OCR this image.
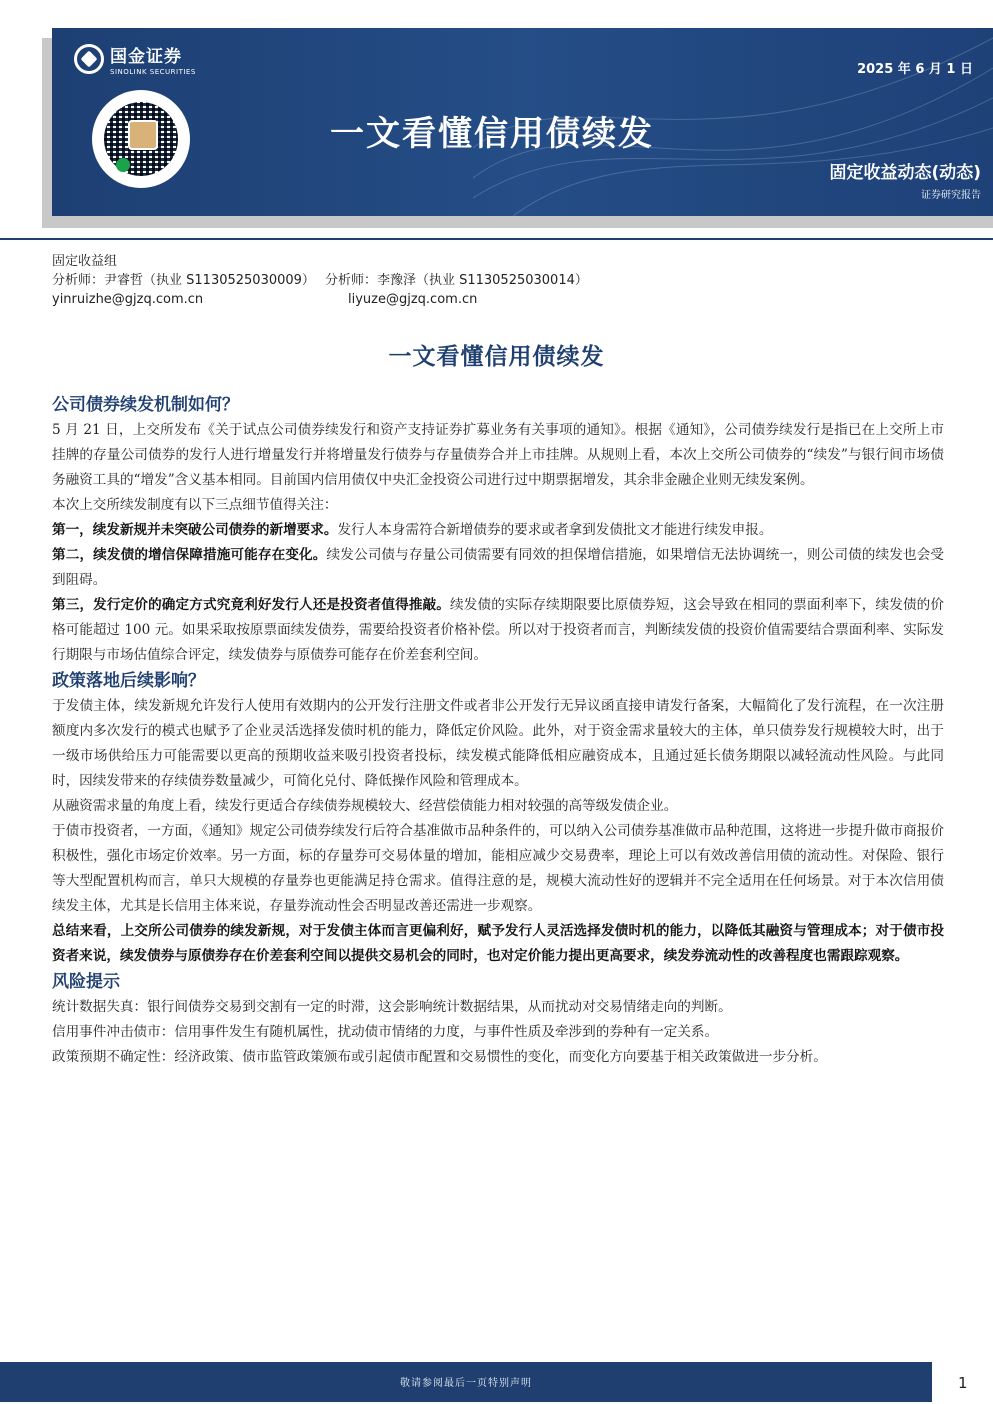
国金证券
SINOLINK SECURITIES
一文看懂信用债续发
2025 年 6 月 1 日
固定收益动态(动态)
证券研究报告
固定收益组
分析师：尹睿哲（执业 S1130525030009） 分析师：李豫泽（执业 S1130525030014）
yinruizhe@gjzq.com.cn	liyuze@gjzq.com.cn
一文看懂信用债续发
公司债券续发机制如何？

5 月 21 日，上交所发布《关于试点公司债券续发行和资产支持证券扩募业务有关事项的通知》。根据《通知》，公司债券续发行是指已在上交所上市挂牌的存量公司债券的发行人进行增量发行并将增量发行债券与存量债券合并上市挂牌。从规则上看，本次上交所公司债券的“续发”与银行间市场债务融资工具的“增发”含义基本相同。目前国内信用债仅中央汇金投资公司进行过中期票据增发，其余非金融企业则无续发案例。

本次上交所续发制度有以下三点细节值得关注：

第一，续发新规并未突破公司债券的新增要求。发行人本身需符合新增债券的要求或者拿到发债批文才能进行续发申报。

第二，续发债的增信保障措施可能存在变化。续发公司债与存量公司债需要有同效的担保增信措施，如果增信无法协调统一，则公司债的续发也会受到阻碍。

第三，发行定价的确定方式究竟利好发行人还是投资者值得推敲。续发债的实际存续期限要比原债券短，这会导致在相同的票面利率下，续发债的价格可能超过 100 元。如果采取按原票面续发债券，需要给投资者价格补偿。所以对于投资者而言，判断续发债的投资价值需要结合票面利率、实际发行期限与市场估值综合评定，续发债券与原债券可能存在价差套利空间。

政策落地后续影响？

于发债主体，续发新规允许发行人使用有效期内的公开发行注册文件或者非公开发行无异议函直接申请发行备案，大幅简化了发行流程，在一次注册额度内多次发行的模式也赋予了企业灵活选择发债时机的能力，降低定价风险。此外，对于资金需求量较大的主体，单只债券发行规模较大时，出于一级市场供给压力可能需要以更高的预期收益来吸引投资者投标，续发模式能降低相应融资成本，且通过延长债务期限以减轻流动性风险。与此同时，因续发带来的存续债券数量减少，可简化兑付、降低操作风险和管理成本。

从融资需求量的角度上看，续发行更适合存续债券规模较大、经营偿债能力相对较强的高等级发债企业。

于债市投资者，一方面，《通知》规定公司债券续发行后符合基准做市品种条件的，可以纳入公司债券基准做市品种范围，这将进一步提升做市商报价积极性，强化市场定价效率。另一方面，标的存量券可交易体量的增加，能相应减少交易费率，理论上可以有效改善信用债的流动性。对保险、银行等大型配置机构而言，单只大规模的存量券也更能满足持仓需求。值得注意的是，规模大流动性好的逻辑并不完全适用在任何场景。对于本次信用债续发主体，尤其是长信用主体来说，存量券流动性会否明显改善还需进一步观察。

总结来看，上交所公司债券的续发新规，对于发债主体而言更偏利好，赋予发行人灵活选择发债时机的能力，以降低其融资与管理成本；对于债市投资者来说，续发债券与原债券存在价差套利空间以提供交易机会的同时，也对定价能力提出更高要求，续发券流动性的改善程度也需跟踪观察。

风险提示

统计数据失真：银行间债券交易到交割有一定的时滞，这会影响统计数据结果，从而扰动对交易情绪走向的判断。

信用事件冲击债市：信用事件发生有随机属性，扰动债市情绪的力度，与事件性质及牵涉到的券种有一定关系。

政策预期不确定性：经济政策、债市监管政策颁布或引起债市配置和交易惯性的变化，而变化方向要基于相关政策做进一步分析。

敬请参阅最后一页特别声明	1
